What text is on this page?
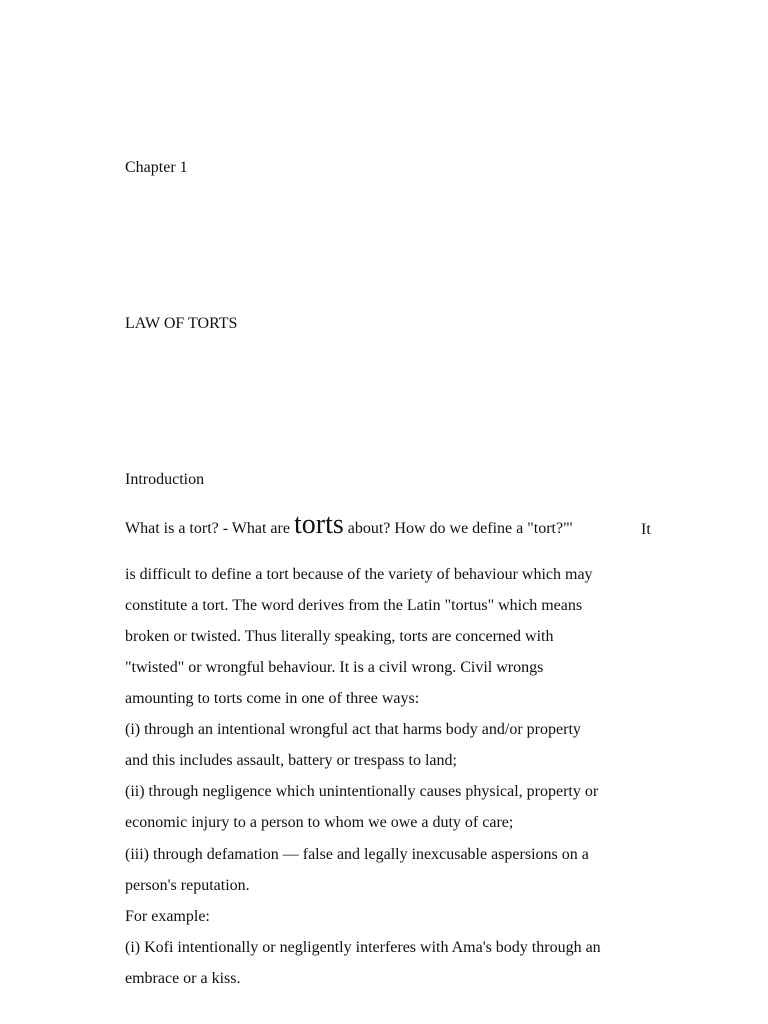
Chapter 1
LAW OF TORTS
Introduction
What is a tort? - What are torts about? How do we define a "tort?"'	It
is difficult to define a tort because of the variety of behaviour which may
constitute a tort. The word derives from the Latin "tortus" which means
broken or twisted. Thus literally speaking, torts are concerned with
"twisted" or wrongful behaviour. It is a civil wrong. Civil wrongs
amounting to torts come in one of three ways:
(i) through an intentional wrongful act that harms body and/or property
and this includes assault, battery or trespass to land;
(ii) through negligence which unintentionally causes physical, property or
economic injury to a person to whom we owe a duty of care;
(iii) through defamation — false and legally inexcusable aspersions on a
person's reputation.
For example:
(i) Kofi intentionally or negligently interferes with Ama's body through an
embrace or a kiss.
